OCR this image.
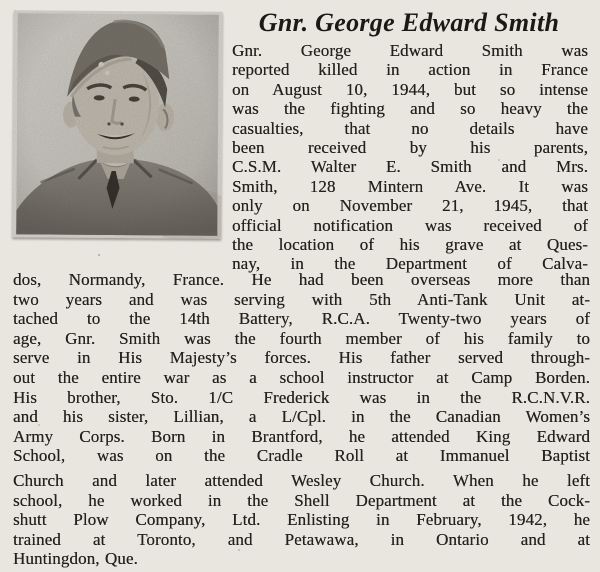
Gnr. George Edward Smith
Gnr. George Edward Smith was
reported killed in action in France
on August 10, 1944, but so intense
was the fighting and so heavy the
casualties, that no details have
been received by his parents,
C.S.M. Walter E. Smith and Mrs.
Smith, 128 Mintern Ave. It was
only on November 21, 1945, that
official notification was received of
the location of his grave at Ques-
nay, in the Department of Calva-
dos, Normandy, France. He had been overseas more than
two years and was serving with 5th Anti-Tank Unit at-
tached to the 14th Battery, R.C.A. Twenty-two years of
age, Gnr. Smith was the fourth member of his family to
serve in His Majesty’s forces. His father served through-
out the entire war as a school instructor at Camp Borden.
His brother, Sto. 1/C Frederick was in the R.C.N.V.R.
and his sister, Lillian, a L/Cpl. in the Canadian Women’s
Army Corps. Born in Brantford, he attended King Edward
School, was on the Cradle Roll at Immanuel Baptist
Church and later attended Wesley Church. When he left
school, he worked in the Shell Department at the Cock-
shutt Plow Company, Ltd. Enlisting in February, 1942, he
trained at Toronto, and Petawawa, in Ontario and at
Huntingdon, Que.
